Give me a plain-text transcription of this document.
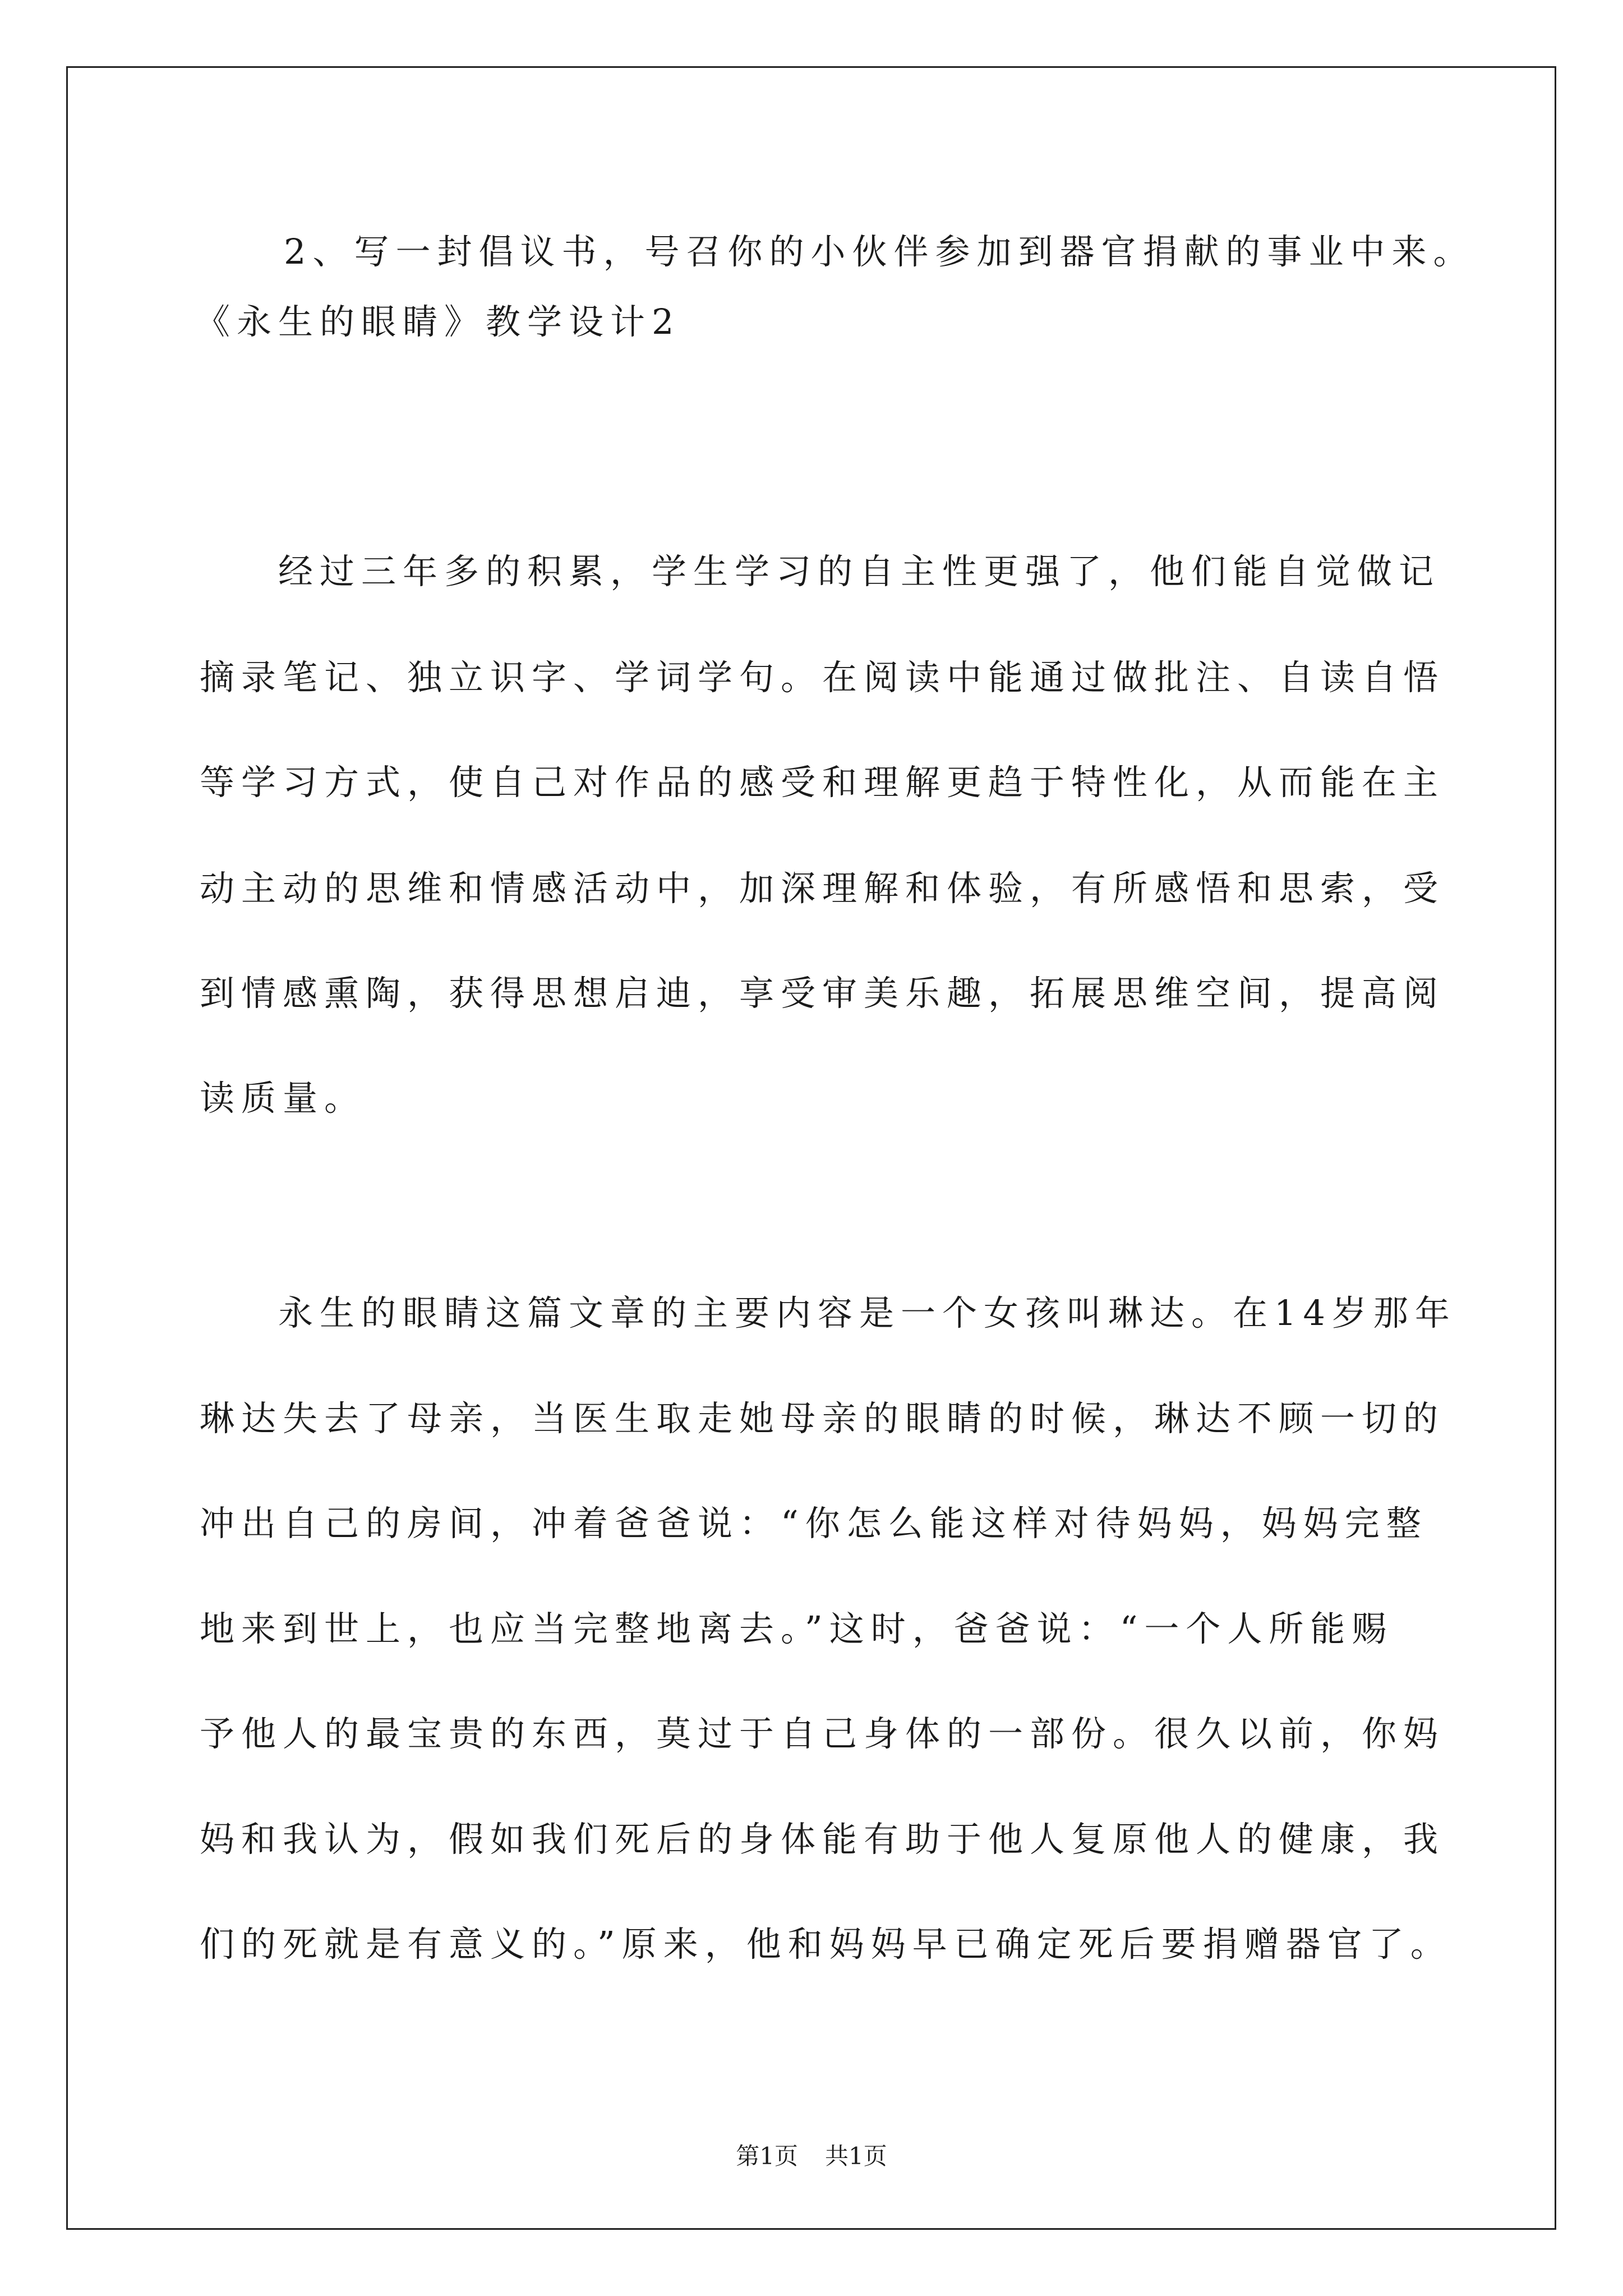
2、写一封倡议书，号召你的小伙伴参加到器官捐献的事业中来。
《永生的眼睛》教学设计2
经过三年多的积累，学生学习的自主性更强了，他们能自觉做记
摘录笔记、独立识字、学词学句。在阅读中能通过做批注、自读自悟
等学习方式，使自己对作品的感受和理解更趋于特性化，从而能在主
动主动的思维和情感活动中，加深理解和体验，有所感悟和思索，受
到情感熏陶，获得思想启迪，享受审美乐趣，拓展思维空间，提高阅
读质量。
永生的眼睛这篇文章的主要内容是一个女孩叫琳达。在14岁那年
琳达失去了母亲，当医生取走她母亲的眼睛的时候，琳达不顾一切的
冲出自己的房间，冲着爸爸说：“你怎么能这样对待妈妈，妈妈完整
地来到世上，也应当完整地离去。”这时，爸爸说：“一个人所能赐
予他人的最宝贵的东西，莫过于自己身体的一部份。很久以前，你妈
妈和我认为，假如我们死后的身体能有助于他人复原他人的健康，我
们的死就是有意义的。”原来，他和妈妈早已确定死后要捐赠器官了。
第1页 共1页
